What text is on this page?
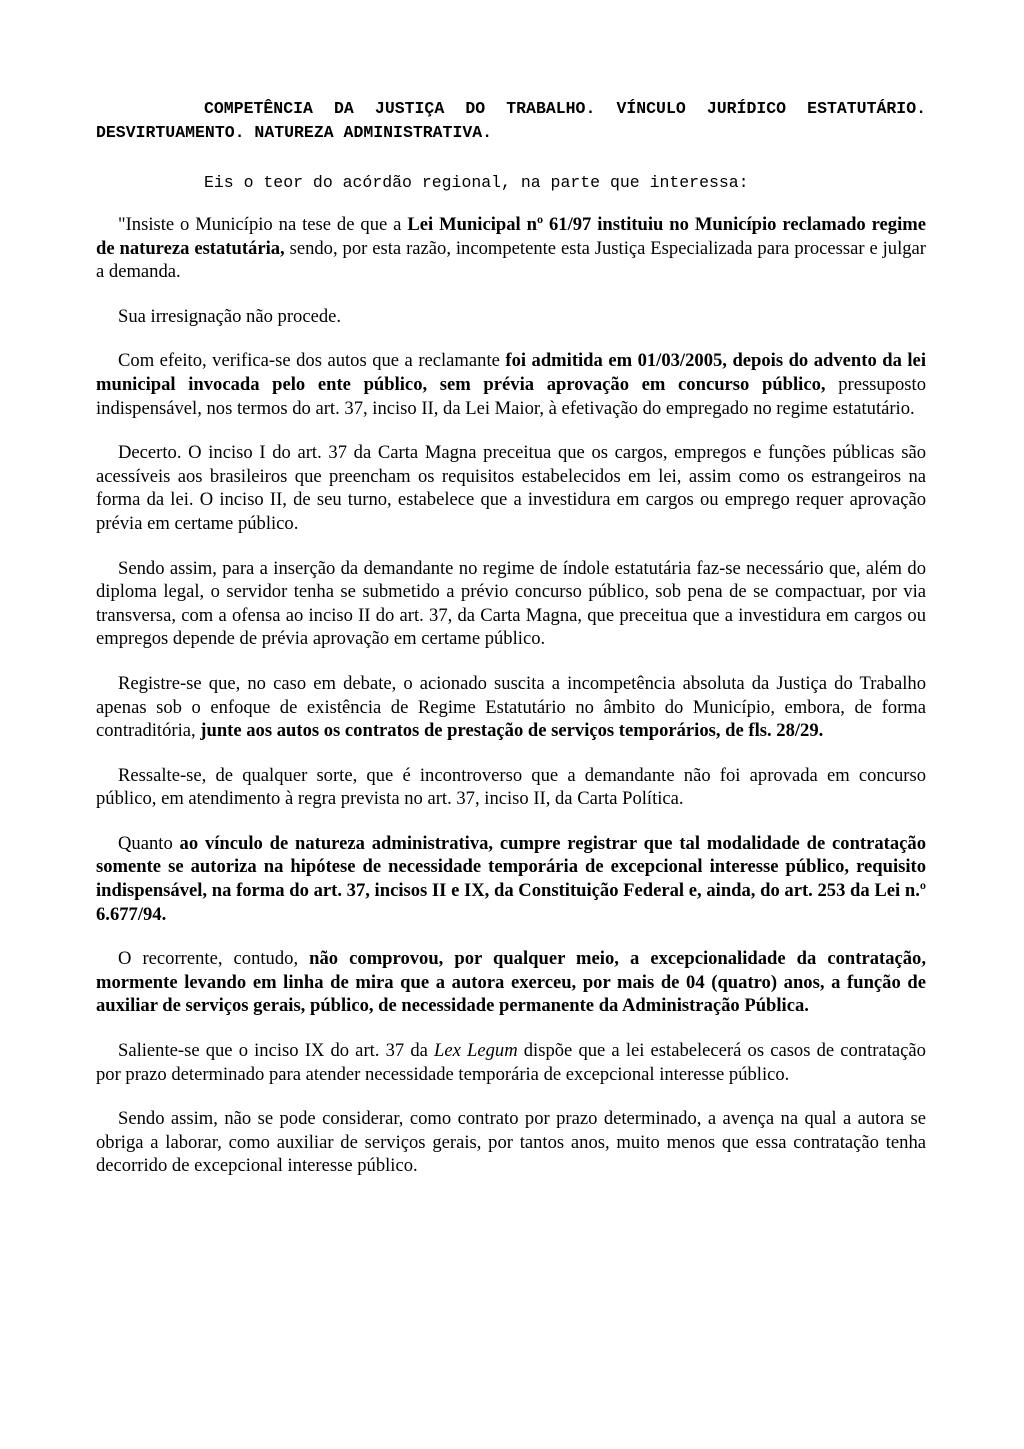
COMPETÊNCIA DA JUSTIÇA DO TRABALHO. VÍNCULO JURÍDICO ESTATUTÁRIO. DESVIRTUAMENTO. NATUREZA ADMINISTRATIVA.

Eis o teor do acórdão regional, na parte que interessa:

"Insiste o Município na tese de que a Lei Municipal nº 61/97 instituiu no Município reclamado regime de natureza estatutária, sendo, por esta razão, incompetente esta Justiça Especializada para processar e julgar a demanda.

Sua irresignação não procede.

Com efeito, verifica-se dos autos que a reclamante foi admitida em 01/03/2005, depois do advento da lei municipal invocada pelo ente público, sem prévia aprovação em concurso público, pressuposto indispensável, nos termos do art. 37, inciso II, da Lei Maior, à efetivação do empregado no regime estatutário.

Decerto. O inciso I do art. 37 da Carta Magna preceitua que os cargos, empregos e funções públicas são acessíveis aos brasileiros que preencham os requisitos estabelecidos em lei, assim como os estrangeiros na forma da lei. O inciso II, de seu turno, estabelece que a investidura em cargos ou emprego requer aprovação prévia em certame público.

Sendo assim, para a inserção da demandante no regime de índole estatutária faz-se necessário que, além do diploma legal, o servidor tenha se submetido a prévio concurso público, sob pena de se compactuar, por via transversa, com a ofensa ao inciso II do art. 37, da Carta Magna, que preceitua que a investidura em cargos ou empregos depende de prévia aprovação em certame público.

Registre-se que, no caso em debate, o acionado suscita a incompetência absoluta da Justiça do Trabalho apenas sob o enfoque de existência de Regime Estatutário no âmbito do Município, embora, de forma contraditória, junte aos autos os contratos de prestação de serviços temporários, de fls. 28/29.

Ressalte-se, de qualquer sorte, que é incontroverso que a demandante não foi aprovada em concurso público, em atendimento à regra prevista no art. 37, inciso II, da Carta Política.

Quanto ao vínculo de natureza administrativa, cumpre registrar que tal modalidade de contratação somente se autoriza na hipótese de necessidade temporária de excepcional interesse público, requisito indispensável, na forma do art. 37, incisos II e IX, da Constituição Federal e, ainda, do art. 253 da Lei n.º 6.677/94.

O recorrente, contudo, não comprovou, por qualquer meio, a excepcionalidade da contratação, mormente levando em linha de mira que a autora exerceu, por mais de 04 (quatro) anos, a função de auxiliar de serviços gerais, público, de necessidade permanente da Administração Pública.

Saliente-se que o inciso IX do art. 37 da Lex Legum dispõe que a lei estabelecerá os casos de contratação por prazo determinado para atender necessidade temporária de excepcional interesse público.

Sendo assim, não se pode considerar, como contrato por prazo determinado, a avença na qual a autora se obriga a laborar, como auxiliar de serviços gerais, por tantos anos, muito menos que essa contratação tenha decorrido de excepcional interesse público.
